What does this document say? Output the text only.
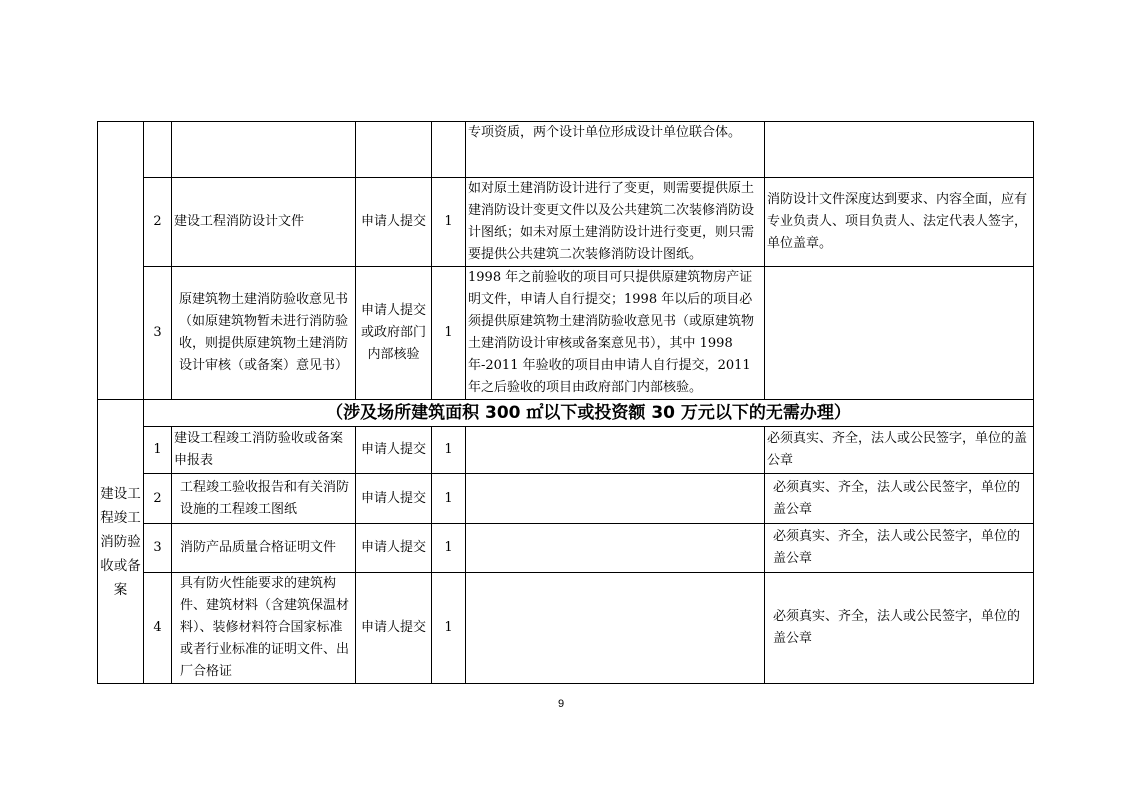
					专项资质，两个设计单位形成设计单位联合体。	
	2	建设工程消防设计文件	申请人提交	1	如对原土建消防设计进行了变更，则需要提供原土建消防设计变更文件以及公共建筑二次装修消防设计图纸；如未对原土建消防设计进行变更，则只需要提供公共建筑二次装修消防设计图纸。	消防设计文件深度达到要求、内容全面，应有专业负责人、项目负责人、法定代表人签字，单位盖章。
	3	原建筑物土建消防验收意见书（如原建筑物暂未进行消防验收，则提供原建筑物土建消防设计审核（或备案）意见书）	申请人提交或政府部门内部核验	1	1998 年之前验收的项目可只提供原建筑物房产证明文件，申请人自行提交；1998 年以后的项目必须提供原建筑物土建消防验收意见书（或原建筑物土建消防设计审核或备案意见书），其中 1998 年-2011 年验收的项目由申请人自行提交，2011 年之后验收的项目由政府部门内部核验。	
建设工程竣工消防验收或备案	（涉及场所建筑面积 300 ㎡以下或投资额 30 万元以下的无需办理）					
	1	建设工程竣工消防验收或备案申报表	申请人提交	1		必须真实、齐全，法人或公民签字，单位的盖公章
	2	工程竣工验收报告和有关消防设施的工程竣工图纸	申请人提交	1		必须真实、齐全，法人或公民签字，单位的盖公章
	3	消防产品质量合格证明文件	申请人提交	1		必须真实、齐全，法人或公民签字，单位的盖公章
	4	具有防火性能要求的建筑构件、建筑材料（含建筑保温材料）、装修材料符合国家标准或者行业标准的证明文件、出厂合格证	申请人提交	1		必须真实、齐全，法人或公民签字，单位的盖公章
9
